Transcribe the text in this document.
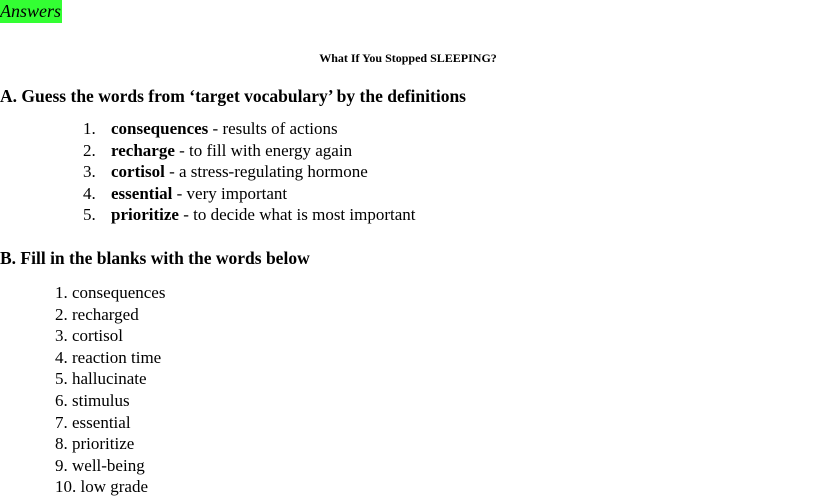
Answers
What If You Stopped SLEEPING?
A. Guess the words from ‘target vocabulary’ by the definitions
1. consequences - results of actions
2. recharge - to fill with energy again
3. cortisol - a stress-regulating hormone
4. essential - very important
5. prioritize - to decide what is most important
B. Fill in the blanks with the words below
1. consequences
2. recharged
3. cortisol
4. reaction time
5. hallucinate
6. stimulus
7. essential
8. prioritize
9. well-being
10. low grade
